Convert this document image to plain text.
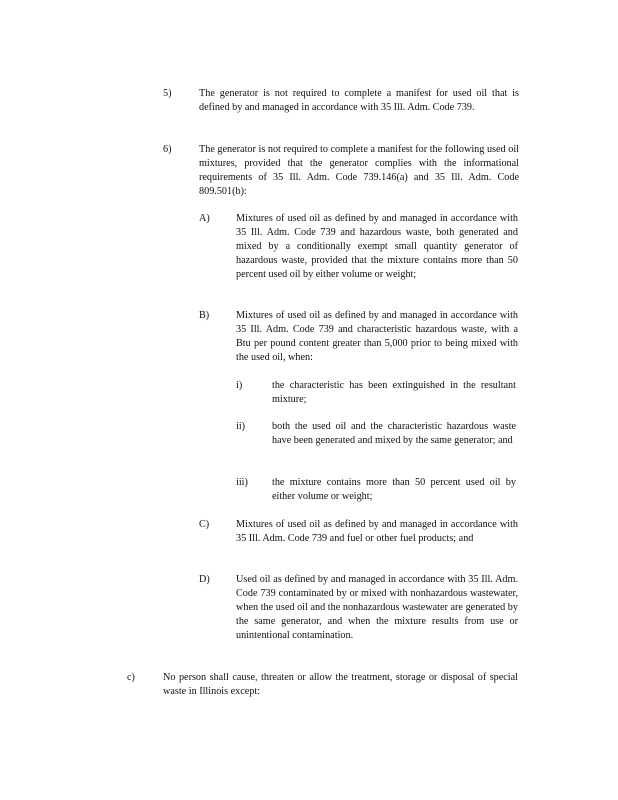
5)	The generator is not required to complete a manifest for used oil that is defined by and managed in accordance with 35 Ill. Adm. Code 739.
6)	The generator is not required to complete a manifest for the following used oil mixtures, provided that the generator complies with the informational requirements of 35 Ill. Adm. Code 739.146(a) and 35 Ill. Adm. Code 809.501(b):
A)	Mixtures of used oil as defined by and managed in accordance with 35 Ill. Adm. Code 739 and hazardous waste, both generated and mixed by a conditionally exempt small quantity generator of hazardous waste, provided that the mixture contains more than 50 percent used oil by either volume or weight;
B)	Mixtures of used oil as defined by and managed in accordance with 35 Ill. Adm. Code 739 and characteristic hazardous waste, with a Btu per pound content greater than 5,000 prior to being mixed with the used oil, when:
i)	the characteristic has been extinguished in the resultant mixture;
ii)	both the used oil and the characteristic hazardous waste have been generated and mixed by the same generator; and
iii) the mixture contains more than 50 percent used oil by either volume or weight;
C)	Mixtures of used oil as defined by and managed in accordance with 35 Ill. Adm. Code 739 and fuel or other fuel products; and
D)	Used oil as defined by and managed in accordance with 35 Ill. Adm. Code 739 contaminated by or mixed with nonhazardous wastewater, when the used oil and the nonhazardous wastewater are generated by the same generator, and when the mixture results from use or unintentional contamination.
c)	No person shall cause, threaten or allow the treatment, storage or disposal of special waste in Illinois except:
